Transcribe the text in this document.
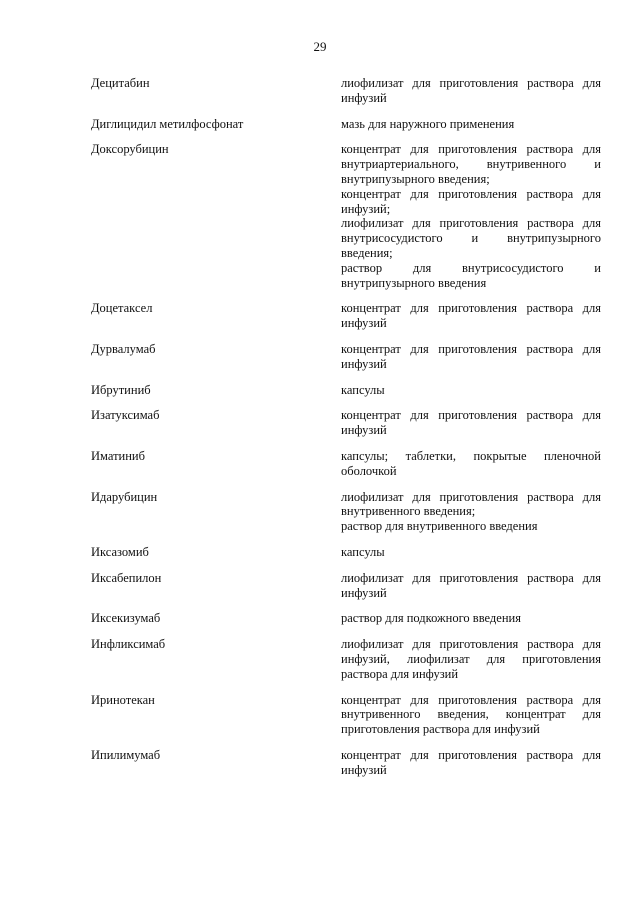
29
Децитабин	лиофилизат для приготовления раствора для инфузий
Диглицидил метилфосфонат	мазь для наружного применения
Доксорубицин	концентрат для приготовления раствора для внутриартериального, внутривенного и внутрипузырного введения;
концентрат для приготовления раствора для инфузий;
лиофилизат для приготовления раствора для внутрисосудистого и внутрипузырного введения;
раствор для внутрисосудистого и внутрипузырного введения
Доцетаксел	концентрат для приготовления раствора для инфузий
Дурвалумаб	концентрат для приготовления раствора для инфузий
Ибрутиниб	капсулы
Изатуксимаб	концентрат для приготовления раствора для инфузий
Иматиниб	капсулы; таблетки, покрытые пленочной оболочкой
Идарубицин	лиофилизат для приготовления раствора для внутривенного введения;
раствор для внутривенного введения
Иксазомиб	капсулы
Иксабепилон	лиофилизат для приготовления раствора для инфузий
Иксекизумаб	раствор для подкожного введения
Инфликсимаб	лиофилизат для приготовления раствора для инфузий, лиофилизат для приготовления раствора для инфузий
Иринотекан	концентрат для приготовления раствора для внутривенного введения, концентрат для приготовления раствора для инфузий
Ипилимумаб	концентрат для приготовления раствора для инфузий
